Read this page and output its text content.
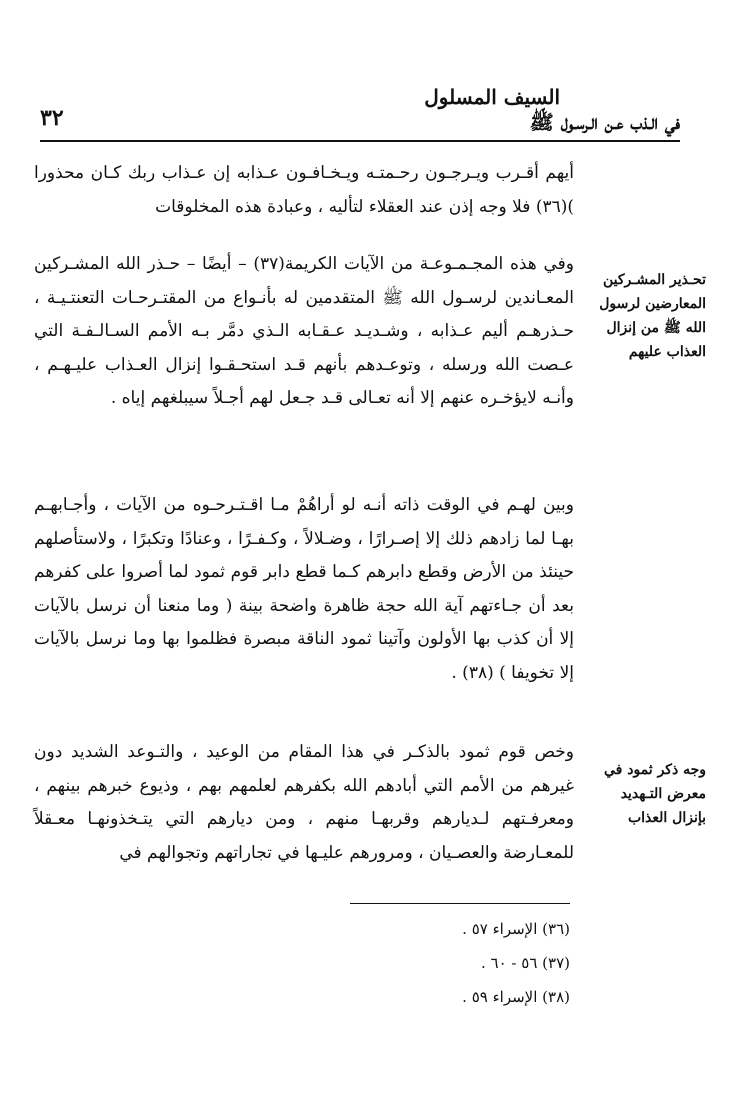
السيف المسلول
في الـذب عـن الـرسـول ﷺ
٣٢
تحـذير المشـركين المعارضين لرسول الله ﷺ من إنزال العذاب عليهم
وجه ذكر ثمود في معرض التـهديد بإنزال العذاب

أيهم أقـرب ويـرجـون رحـمتـه ويـخـافـون عـذابه إن عـذاب ربك كـان محذورا )(٣٦) فلا وجه إذن عند العقلاء لتأليه ، وعبادة هذه المخلوقات

وفي هذه المجـمـوعـة من الآيات الكريمة(٣٧) – أيضًا – حـذر الله المشـركين المعـاندين لرسـول الله ﷺ المتقدمين له بأنـواع من المقتـرحـات التعنتـيـة ، حـذرهـم أليم عـذابه ، وشـديـد عـقـابه الـذي دمَّر بـه الأمم السـالـفـة التي عـصت الله ورسله ، وتوعـدهم بأنهم قـد استحـقـوا إنزال العـذاب عليـهـم ، وأنـه لايؤخـره عنهم إلا أنه تعـالى قـد جـعل لهم أجـلاً سيبلغهم إياه .

وبين لهـم في الوقت ذاته أنـه لو أراهُمْ مـا اقـتـرحـوه من الآيات ، وأجـابهـم بهـا لما زادهم ذلك إلا إصـرارًا ، وضـلالاً ، وكـفـرًا ، وعنادًا وتكبرًا ، ولاستأصلهم حينئذ من الأرض وقطع دابرهم كـما قطع دابر قوم ثمود لما أصروا على كفرهم بعد أن جـاءتهم آية الله حجة ظاهرة واضحة بينة ( وما منعنا أن نرسل بالآيات إلا أن كذب بها الأولون وآتينا ثمود الناقة مبصرة فظلموا بها وما نرسل بالآيات إلا تخويفا ) (٣٨) .

وخص قوم ثمود بالذكـر في هذا المقام من الوعيد ، والتـوعد الشديد دون غيرهم من الأمم التي أبادهم الله بكفرهم لعلمهم بهم ، وذيوع خبرهم بينهم ، ومعرفـتهم لـديارهم وقربهـا منهم ، ومن ديارهم التي يتـخذونهـا معـقلاً للمعـارضة والعصـيان ، ومرورهم عليـها في تجاراتهم وتجوالهم في

(٣٦) الإسراء ٥٧ .
(٣٧) ٥٦ - ٦٠ .
(٣٨) الإسراء ٥٩ .
